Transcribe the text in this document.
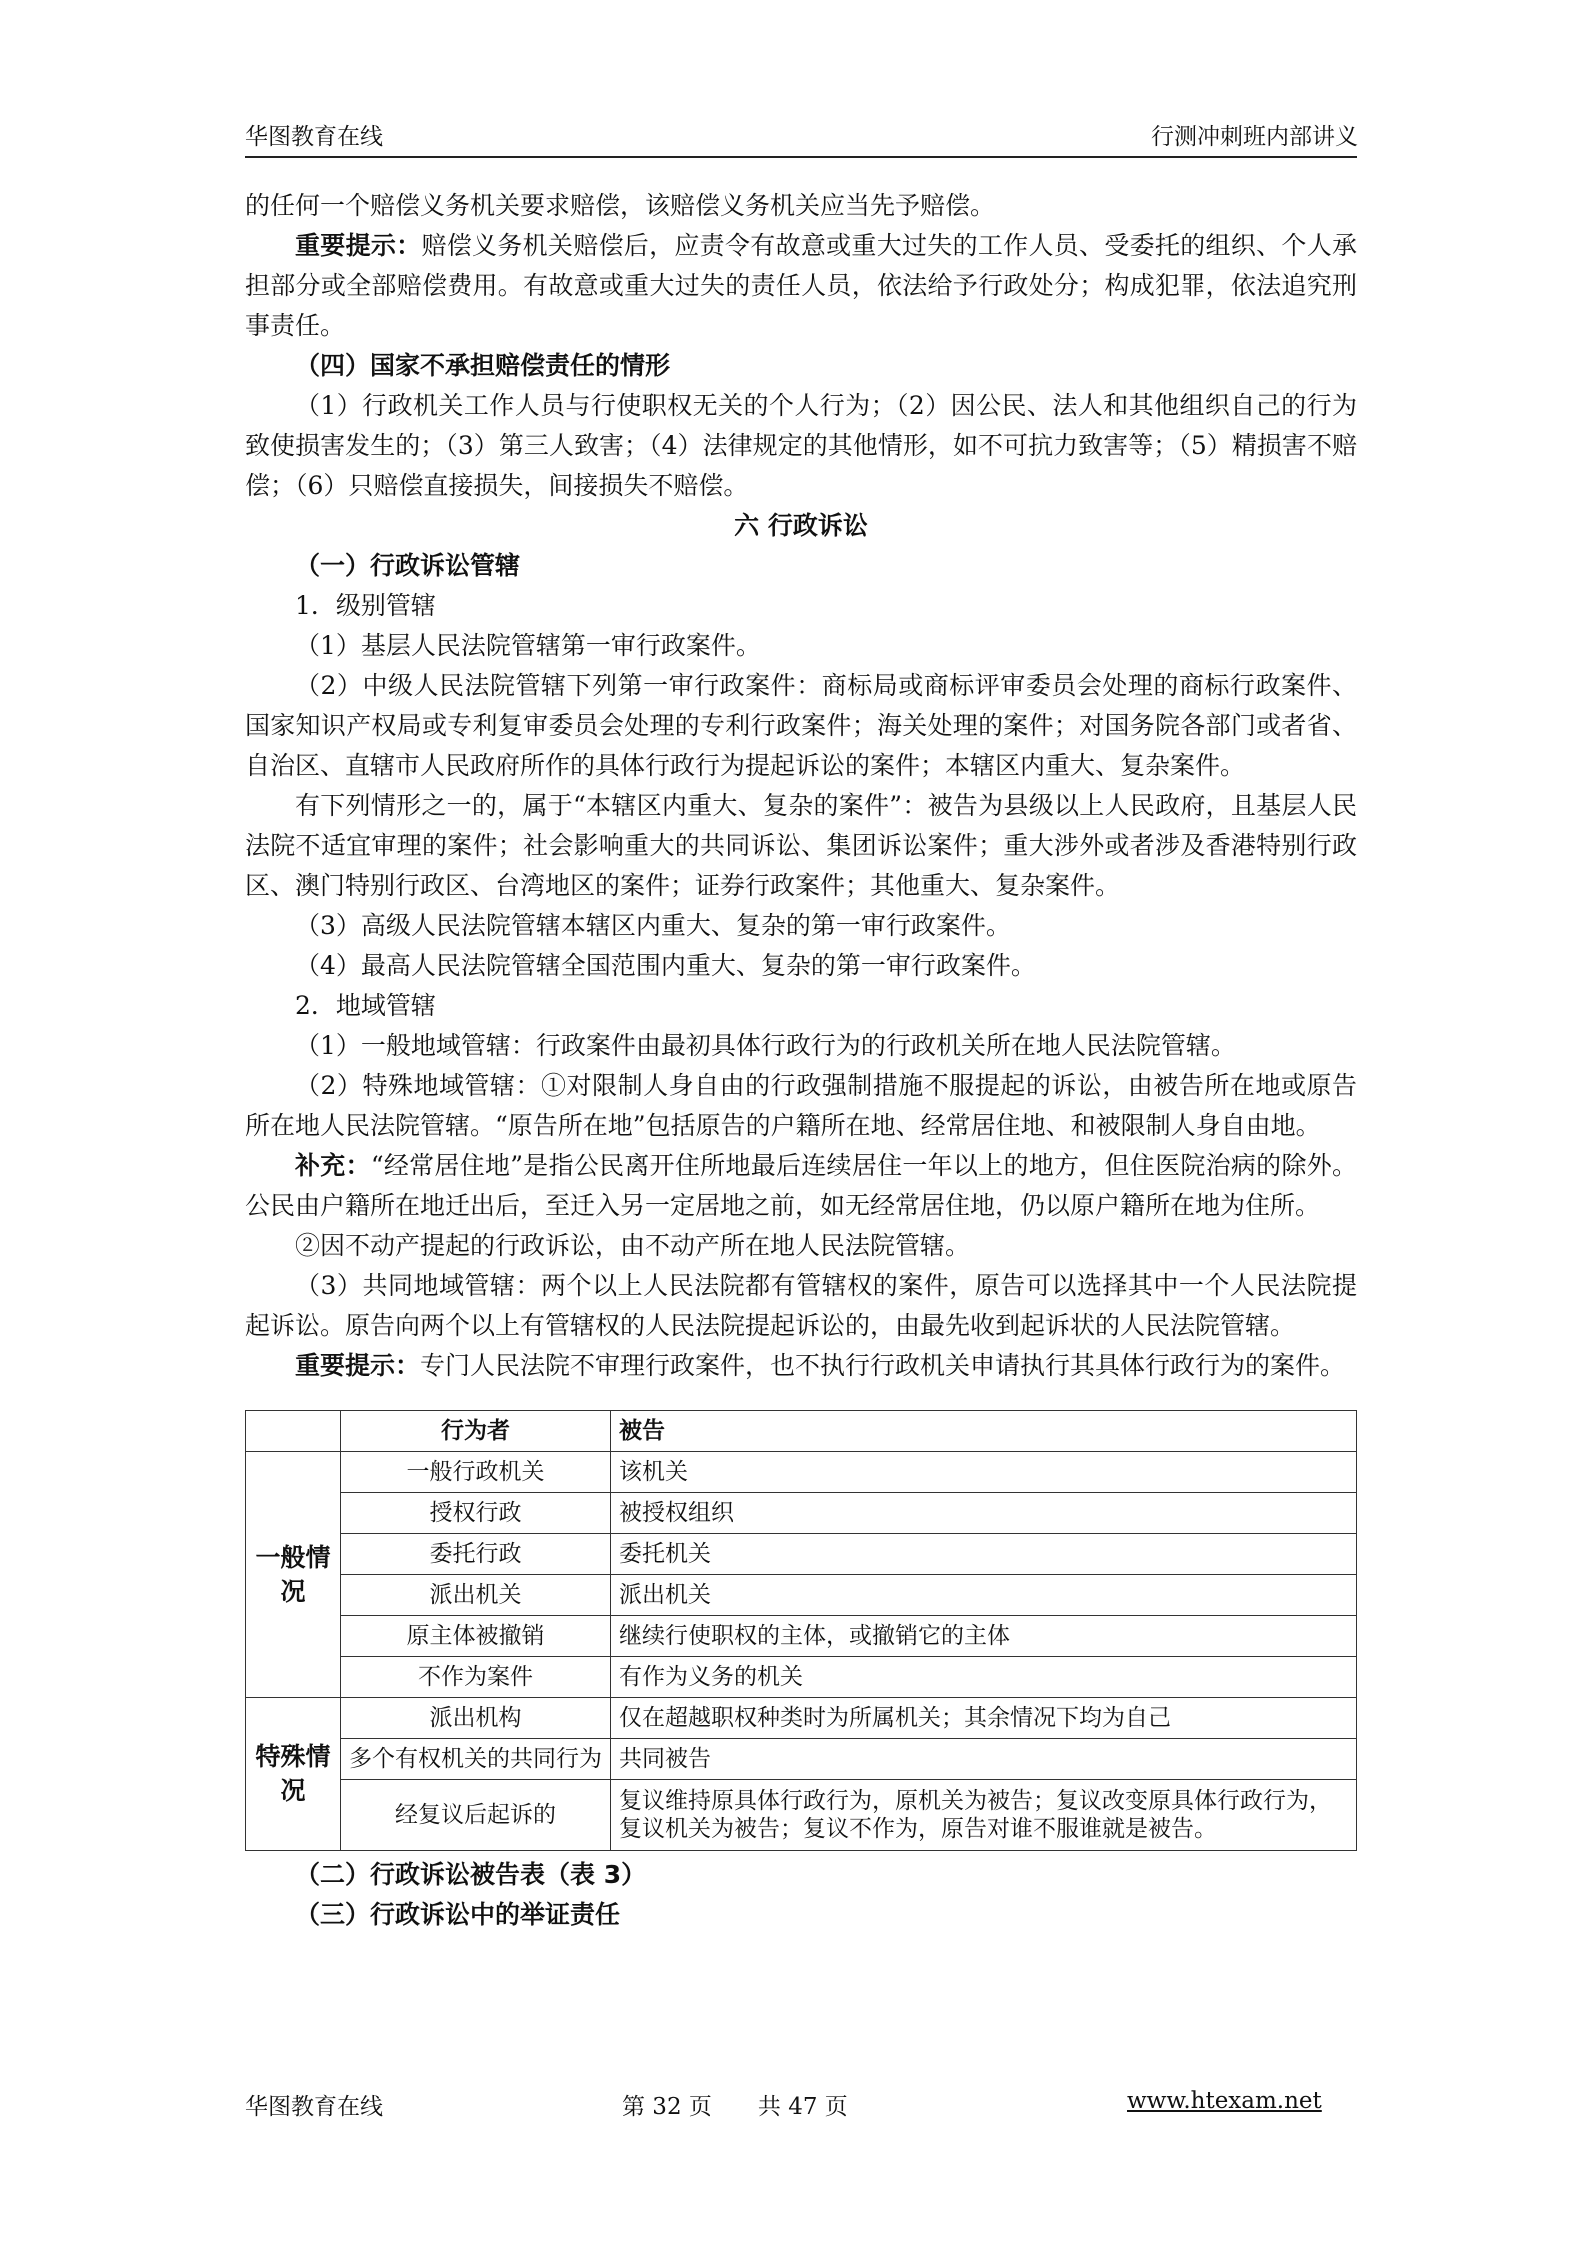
华图教育在线	行测冲刺班内部讲义

的任何一个赔偿义务机关要求赔偿，该赔偿义务机关应当先予赔偿。

重要提示：赔偿义务机关赔偿后，应责令有故意或重大过失的工作人员、受委托的组织、个人承担部分或全部赔偿费用。有故意或重大过失的责任人员，依法给予行政处分；构成犯罪，依法追究刑事责任。

（四）国家不承担赔偿责任的情形

（1）行政机关工作人员与行使职权无关的个人行为；（2）因公民、法人和其他组织自己的行为致使损害发生的；（3）第三人致害；（4）法律规定的其他情形，如不可抗力致害等；（5）精损害不赔偿；（6）只赔偿直接损失，间接损失不赔偿。

六 行政诉讼

（一）行政诉讼管辖

1．级别管辖

（1）基层人民法院管辖第一审行政案件。

（2）中级人民法院管辖下列第一审行政案件：商标局或商标评审委员会处理的商标行政案件、国家知识产权局或专利复审委员会处理的专利行政案件；海关处理的案件；对国务院各部门或者省、自治区、直辖市人民政府所作的具体行政行为提起诉讼的案件；本辖区内重大、复杂案件。

有下列情形之一的，属于“本辖区内重大、复杂的案件”：被告为县级以上人民政府，且基层人民法院不适宜审理的案件；社会影响重大的共同诉讼、集团诉讼案件；重大涉外或者涉及香港特别行政区、澳门特别行政区、台湾地区的案件；证券行政案件；其他重大、复杂案件。

（3）高级人民法院管辖本辖区内重大、复杂的第一审行政案件。

（4）最高人民法院管辖全国范围内重大、复杂的第一审行政案件。

2．地域管辖

（1）一般地域管辖：行政案件由最初具体行政行为的行政机关所在地人民法院管辖。

（2）特殊地域管辖：①对限制人身自由的行政强制措施不服提起的诉讼，由被告所在地或原告所在地人民法院管辖。“原告所在地”包括原告的户籍所在地、经常居住地、和被限制人身自由地。

补充：“经常居住地”是指公民离开住所地最后连续居住一年以上的地方，但住医院治病的除外。公民由户籍所在地迁出后，至迁入另一定居地之前，如无经常居住地，仍以原户籍所在地为住所。

②因不动产提起的行政诉讼，由不动产所在地人民法院管辖。

（3）共同地域管辖：两个以上人民法院都有管辖权的案件，原告可以选择其中一个人民法院提起诉讼。原告向两个以上有管辖权的人民法院提起诉讼的，由最先收到起诉状的人民法院管辖。

重要提示：专门人民法院不审理行政案件，也不执行行政机关申请执行其具体行政行为的案件。

	行为者	被告
一般情况	一般行政机关	该机关
	授权行政	被授权组织
	委托行政	委托机关
	派出机关	派出机关
	原主体被撤销	继续行使职权的主体，或撤销它的主体
	不作为案件	有作为义务的机关
特殊情况	派出机构	仅在超越职权种类时为所属机关；其余情况下均为自己
	多个有权机关的共同行为	共同被告
	经复议后起诉的	复议维持原具体行政行为，原机关为被告；复议改变原具体行政行为，复议机关为被告；复议不作为，原告对谁不服谁就是被告。

（二）行政诉讼被告表（表 3）

（三）行政诉讼中的举证责任

华图教育在线	第 32 页　　共 47 页	www.htexam.net
